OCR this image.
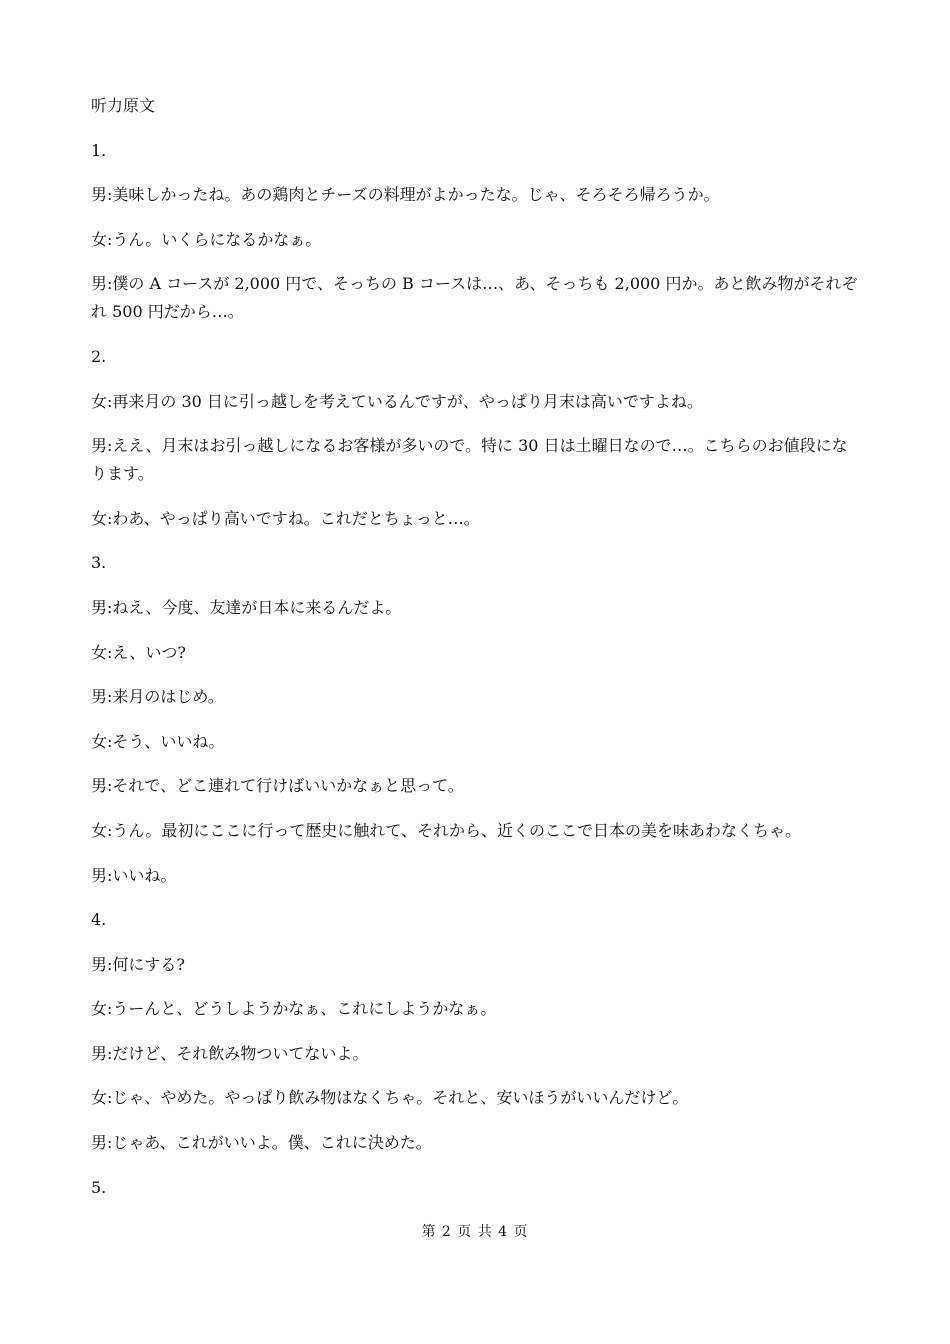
听力原文

1.

男:美味しかったね。あの鶏肉とチーズの料理がよかったな。じゃ、そろそろ帰ろうか。

女:うん。いくらになるかなぁ。

男:僕の A コースが 2,000 円で、そっちの B コースは…、あ、そっちも 2,000 円か。あと飲み物がそれぞれ 500 円だから…。

2.

女:再来月の 30 日に引っ越しを考えているんですが、やっぱり月末は高いですよね。

男:ええ、月末はお引っ越しになるお客様が多いので。特に 30 日は土曜日なので…。こちらのお値段になります。

女:わあ、やっぱり高いですね。これだとちょっと…。

3.

男:ねえ、今度、友達が日本に来るんだよ。

女:え、いつ?

男:来月のはじめ。

女:そう、いいね。

男:それで、どこ連れて行けばいいかなぁと思って。

女:うん。最初にここに行って歴史に触れて、それから、近くのここで日本の美を味あわなくちゃ。

男:いいね。

4.

男:何にする?

女:うーんと、どうしようかなぁ、これにしようかなぁ。

男:だけど、それ飲み物ついてないよ。

女:じゃ、やめた。やっぱり飲み物はなくちゃ。それと、安いほうがいいんだけど。

男:じゃあ、これがいいよ。僕、これに決めた。

5.

第 2 页 共 4 页
